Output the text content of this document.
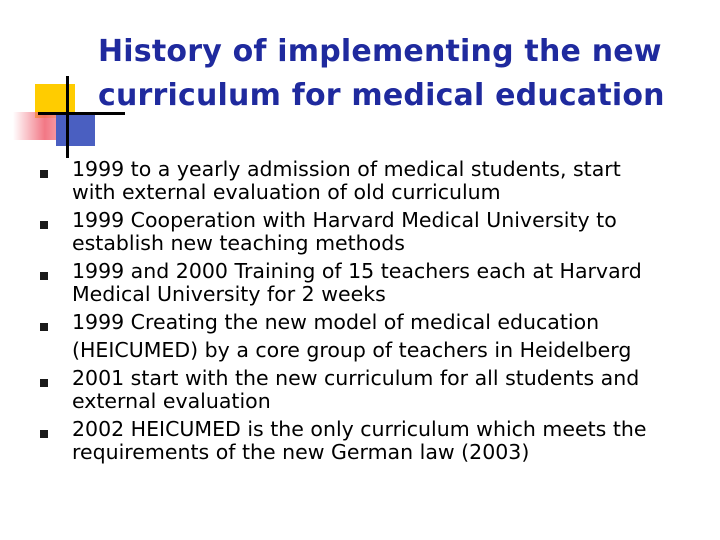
History of implementing the new
curriculum for medical education
1999 to a yearly admission of medical students, start
with external evaluation of old curriculum
1999 Cooperation with Harvard Medical University to
establish new teaching methods
1999 and 2000 Training of 15 teachers each at Harvard
Medical University for 2 weeks
1999 Creating the new model of medical education
(HEICUMED) by a core group of teachers in Heidelberg
2001 start with the new curriculum for all students and
external evaluation
2002 HEICUMED is the only curriculum which meets the
requirements of the new German law (2003)
